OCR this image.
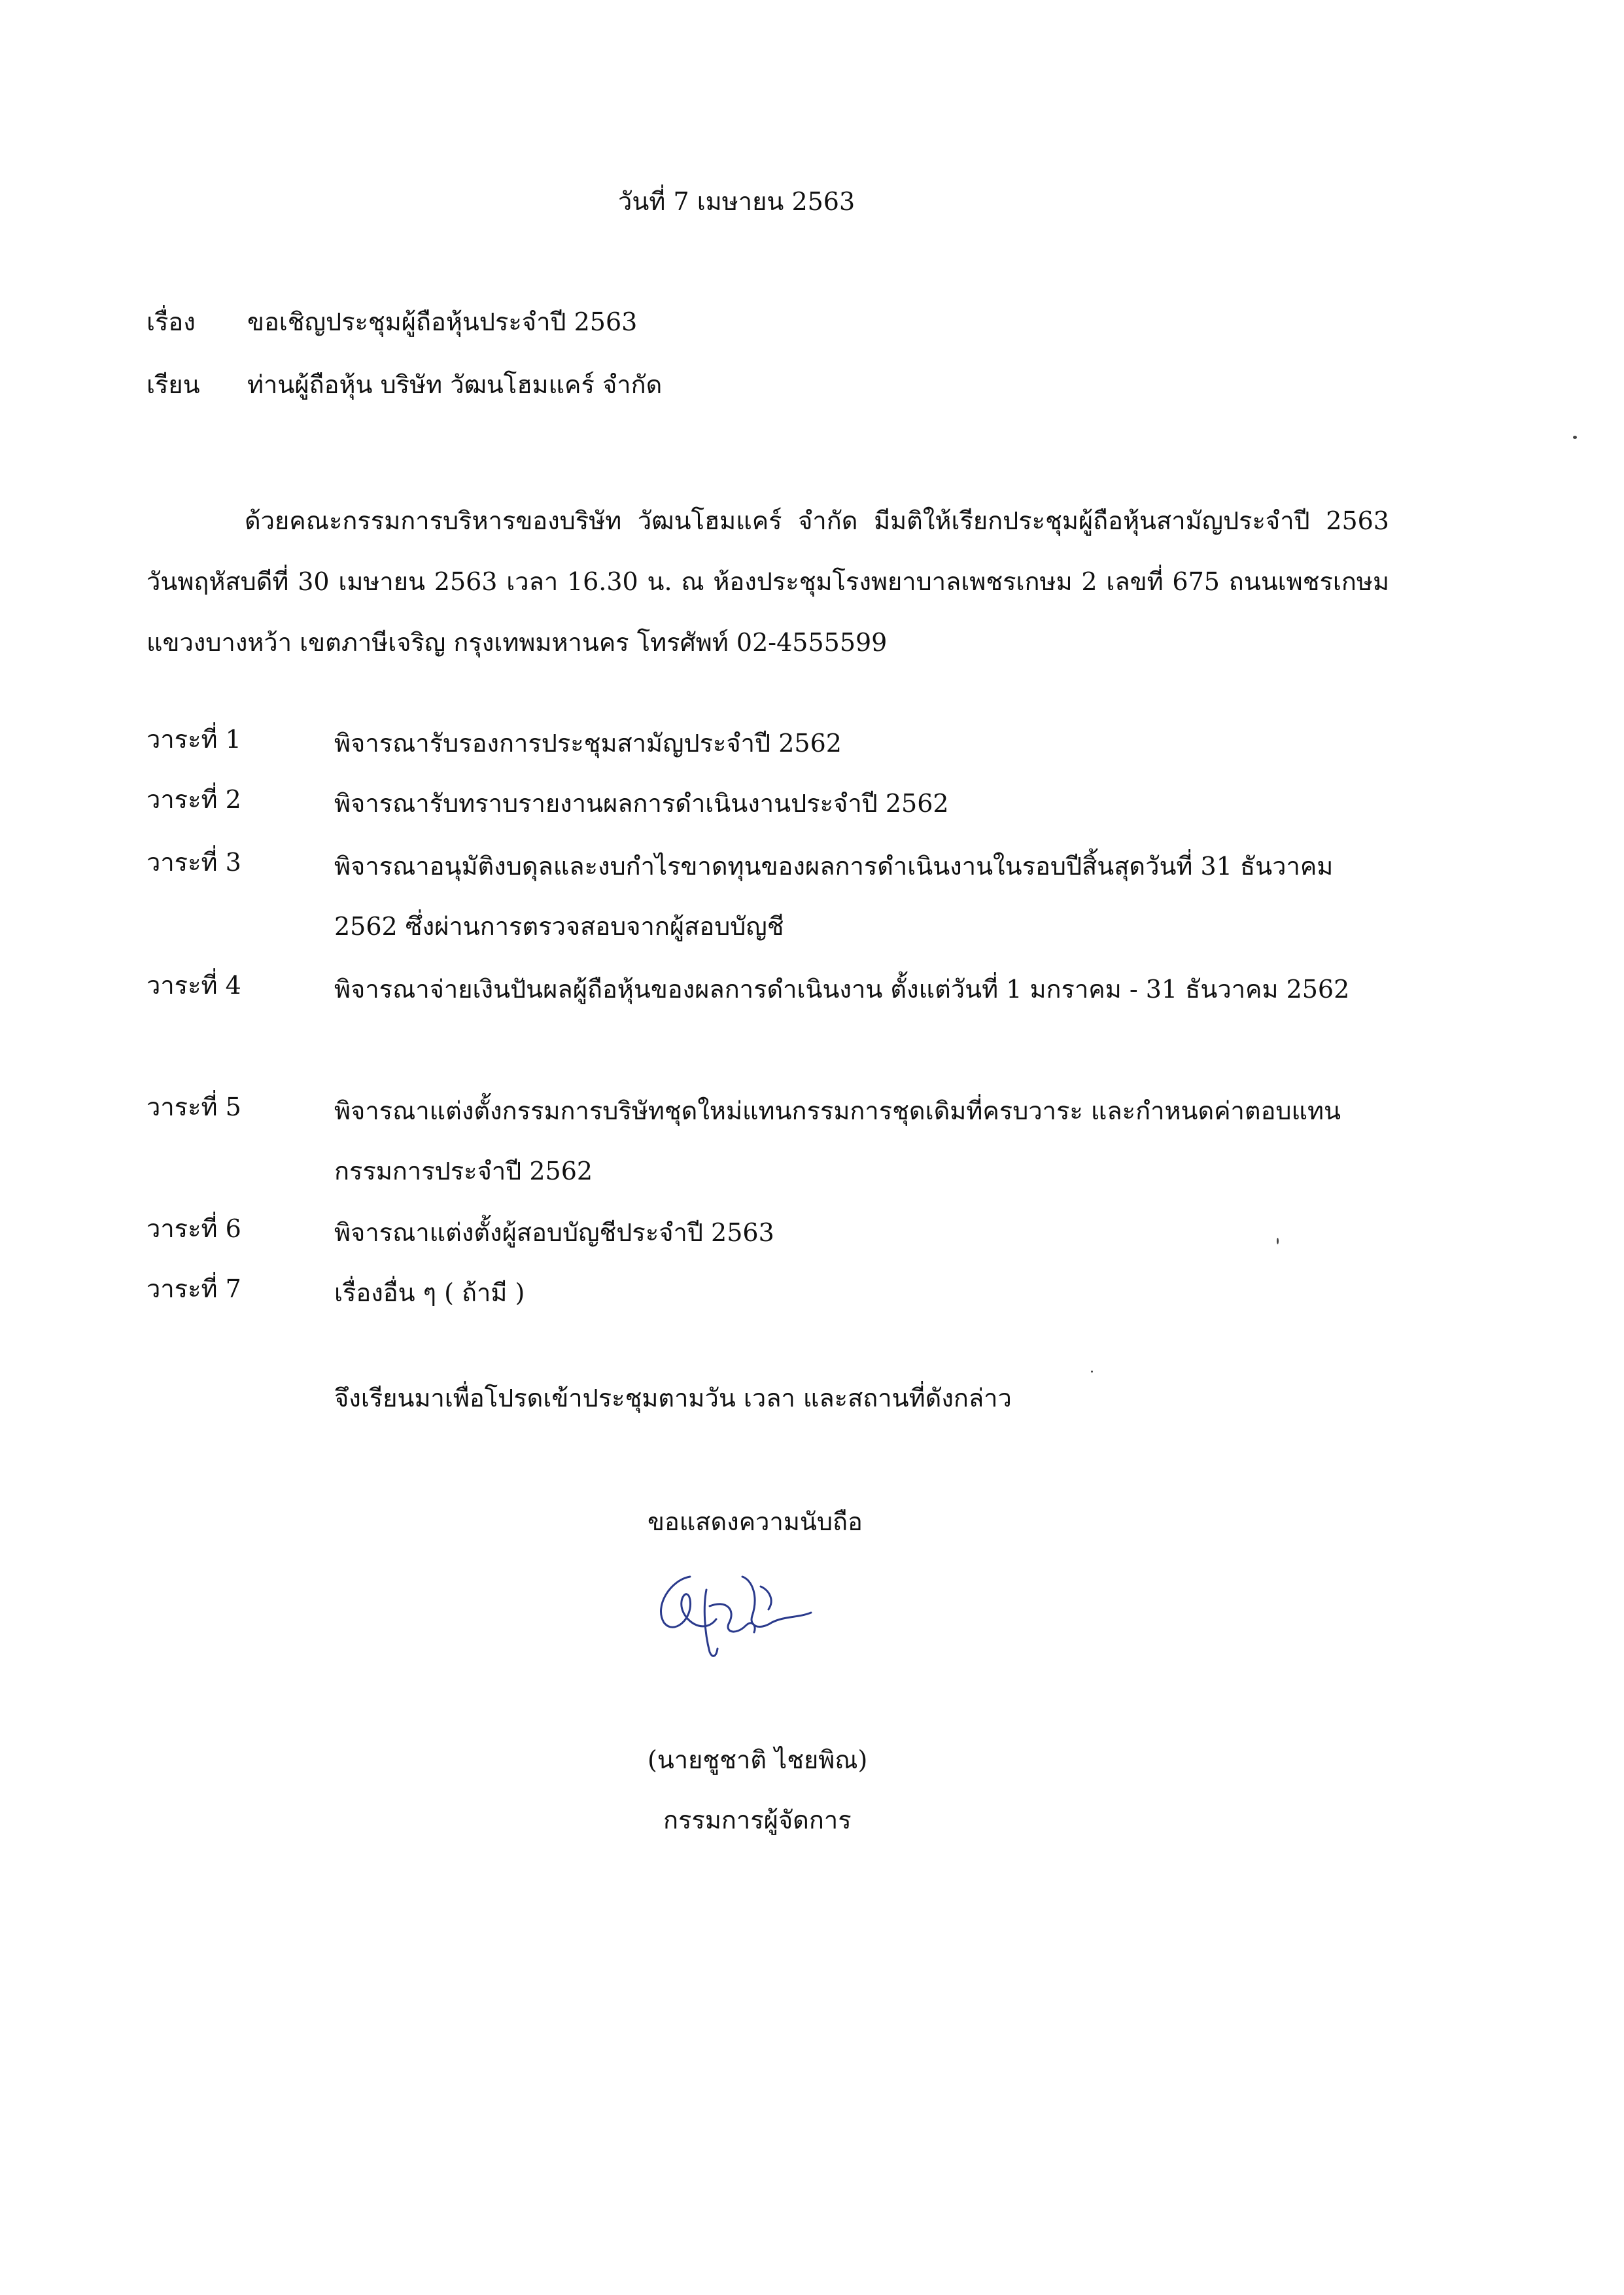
วันที่ 7 เมษายน 2563
เรื่อง ขอเชิญประชุมผู้ถือหุ้นประจำปี 2563
เรียน ท่านผู้ถือหุ้น บริษัท วัฒนโฮมแคร์ จำกัด
ด้วยคณะกรรมการบริหารของบริษัท วัฒนโฮมแคร์ จำกัด มีมติให้เรียกประชุมผู้ถือหุ้นสามัญประจำปี 2563 วันพฤหัสบดีที่ 30 เมษายน 2563 เวลา 16.30 น. ณ ห้องประชุมโรงพยาบาลเพชรเกษม 2 เลขที่ 675 ถนนเพชรเกษม แขวงบางหว้า เขตภาษีเจริญ กรุงเทพมหานคร โทรศัพท์ 02-4555599
วาระที่ 1	พิจารณารับรองการประชุมสามัญประจำปี 2562
วาระที่ 2	พิจารณารับทราบรายงานผลการดำเนินงานประจำปี 2562
วาระที่ 3	พิจารณาอนุมัติงบดุลและงบกำไรขาดทุนของผลการดำเนินงานในรอบปีสิ้นสุดวันที่ 31 ธันวาคม 2562 ซึ่งผ่านการตรวจสอบจากผู้สอบบัญชี
วาระที่ 4	พิจารณาจ่ายเงินปันผลผู้ถือหุ้นของผลการดำเนินงาน ตั้งแต่วันที่ 1 มกราคม - 31 ธันวาคม 2562
วาระที่ 5	พิจารณาแต่งตั้งกรรมการบริษัทชุดใหม่แทนกรรมการชุดเดิมที่ครบวาระ และกำหนดค่าตอบแทนกรรมการประจำปี 2562
วาระที่ 6	พิจารณาแต่งตั้งผู้สอบบัญชีประจำปี 2563
วาระที่ 7	เรื่องอื่น ๆ ( ถ้ามี )
จึงเรียนมาเพื่อโปรดเข้าประชุมตามวัน เวลา และสถานที่ดังกล่าว
ขอแสดงความนับถือ
(นายชูชาติ ไชยพิณ)
กรรมการผู้จัดการ
